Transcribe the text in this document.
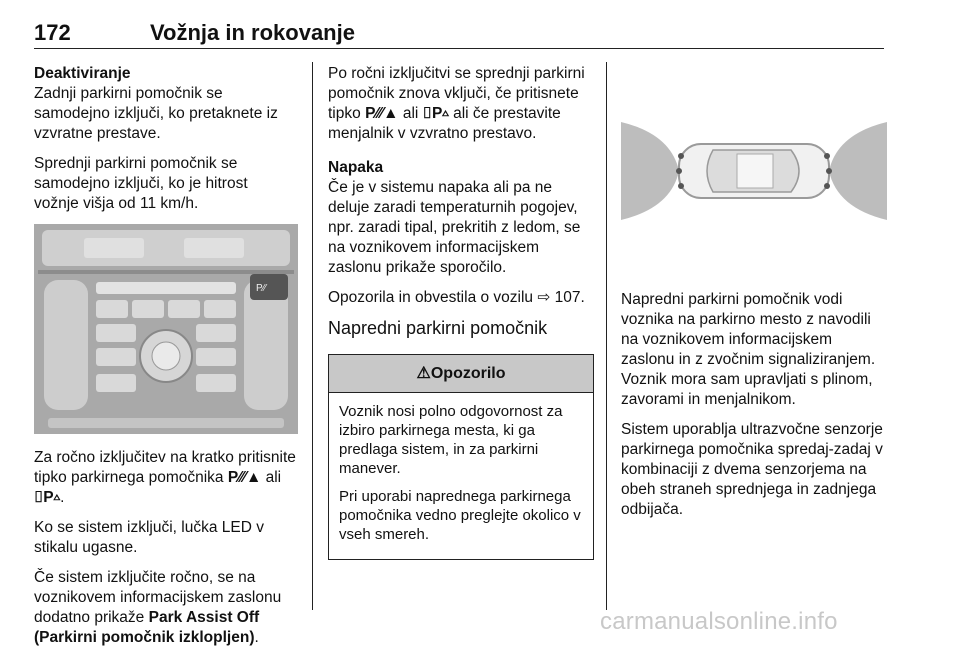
172	Vožnja in rokovanje
Deaktiviranje

Zadnji parkirni pomočnik se samodejno izključi, ko pretaknete iz vzvratne prestave.

Sprednji parkirni pomočnik se samodejno izključi, ko je hitrost vožnje višja od 11 km/h.

P⁄⁄

Za ročno izključitev na kratko pritisnite tipko parkirnega pomočnika P⁄⁄⁄▲ ali ⌷P▵.

Ko se sistem izključi, lučka LED v stikalu ugasne.

Če sistem izključite ročno, se na voznikovem informacijskem zaslonu dodatno prikaže Park Assist Off (Parkirni pomočnik izklopljen).

Po ročni izključitvi se sprednji parkirni pomočnik znova vključi, če pritisnete tipko P⁄⁄⁄▲ ali ⌷P▵ ali če prestavite menjalnik v vzvratno prestavo.

Napaka

Če je v sistemu napaka ali pa ne deluje zaradi temperaturnih pogojev, npr. zaradi tipal, prekritih z ledom, se na voznikovem informacijskem zaslonu prikaže sporočilo.

Opozorila in obvestila o vozilu ⇨ 107.

Napredni parkirni pomočnik
⚠Opozorilo

Voznik nosi polno odgovornost za izbiro parkirnega mesta, ki ga predlaga sistem, in za parkirni manever.

Pri uporabi naprednega parkirnega pomočnika vedno preglejte okolico v vseh smereh.

Napredni parkirni pomočnik vodi voznika na parkirno mesto z navodili na voznikovem informacijskem zaslonu in z zvočnim signaliziranjem. Voznik mora sam upravljati s plinom, zavorami in menjalnikom.

Sistem uporablja ultrazvočne senzorje parkirnega pomočnika spredaj-zadaj v kombinaciji z dvema senzorjema na obeh straneh sprednjega in zadnjega odbijača.

carmanualsonline.info
